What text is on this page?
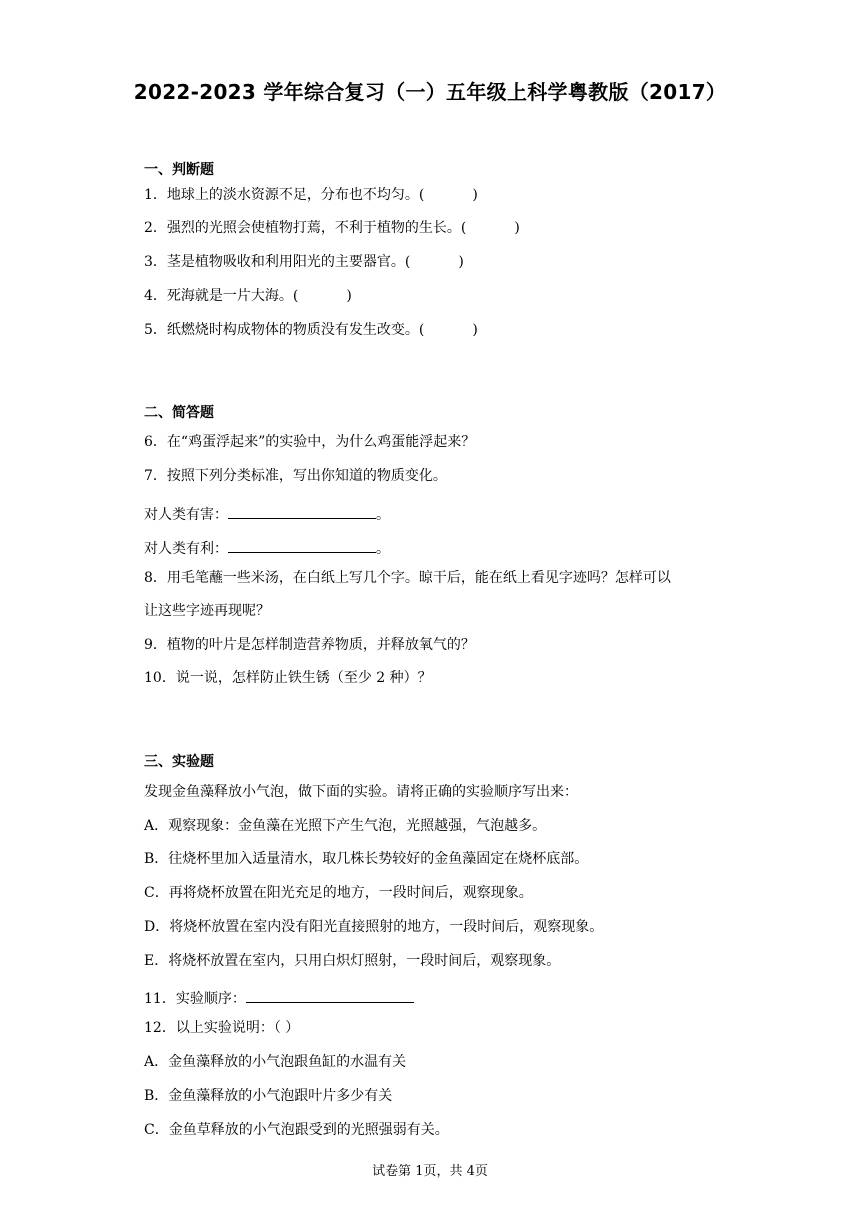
2022-2023 学年综合复习（一）五年级上科学粤教版（2017）
一、判断题
1．地球上的淡水资源不足，分布也不均匀。(	)
2．强烈的光照会使植物打蔫，不利于植物的生长。(	)
3．茎是植物吸收和利用阳光的主要器官。(	)
4．死海就是一片大海。(	)
5．纸燃烧时构成物体的物质没有发生改变。(	)
二、简答题
6．在“鸡蛋浮起来”的实验中，为什么鸡蛋能浮起来？
7．按照下列分类标准，写出你知道的物质变化。
对人类有害：	。
对人类有利：	。
8．用毛笔蘸一些米汤，在白纸上写几个字。晾干后，能在纸上看见字迹吗？怎样可以
让这些字迹再现呢？
9．植物的叶片是怎样制造营养物质，并释放氧气的？
10．说一说，怎样防止铁生锈（至少 2 种）？
三、实验题
发现金鱼藻释放小气泡，做下面的实验。请将正确的实验顺序写出来：
A．观察现象：金鱼藻在光照下产生气泡，光照越强，气泡越多。
B．往烧杯里加入适量清水，取几株长势较好的金鱼藻固定在烧杯底部。
C．再将烧杯放置在阳光充足的地方，一段时间后，观察现象。
D．将烧杯放置在室内没有阳光直接照射的地方，一段时间后，观察现象。
E．将烧杯放置在室内，只用白炽灯照射，一段时间后，观察现象。
11．实验顺序：
12．以上实验说明：（ ）
A．金鱼藻释放的小气泡跟鱼缸的水温有关
B．金鱼藻释放的小气泡跟叶片多少有关
C．金鱼草释放的小气泡跟受到的光照强弱有关。
试卷第 1页，共 4页
